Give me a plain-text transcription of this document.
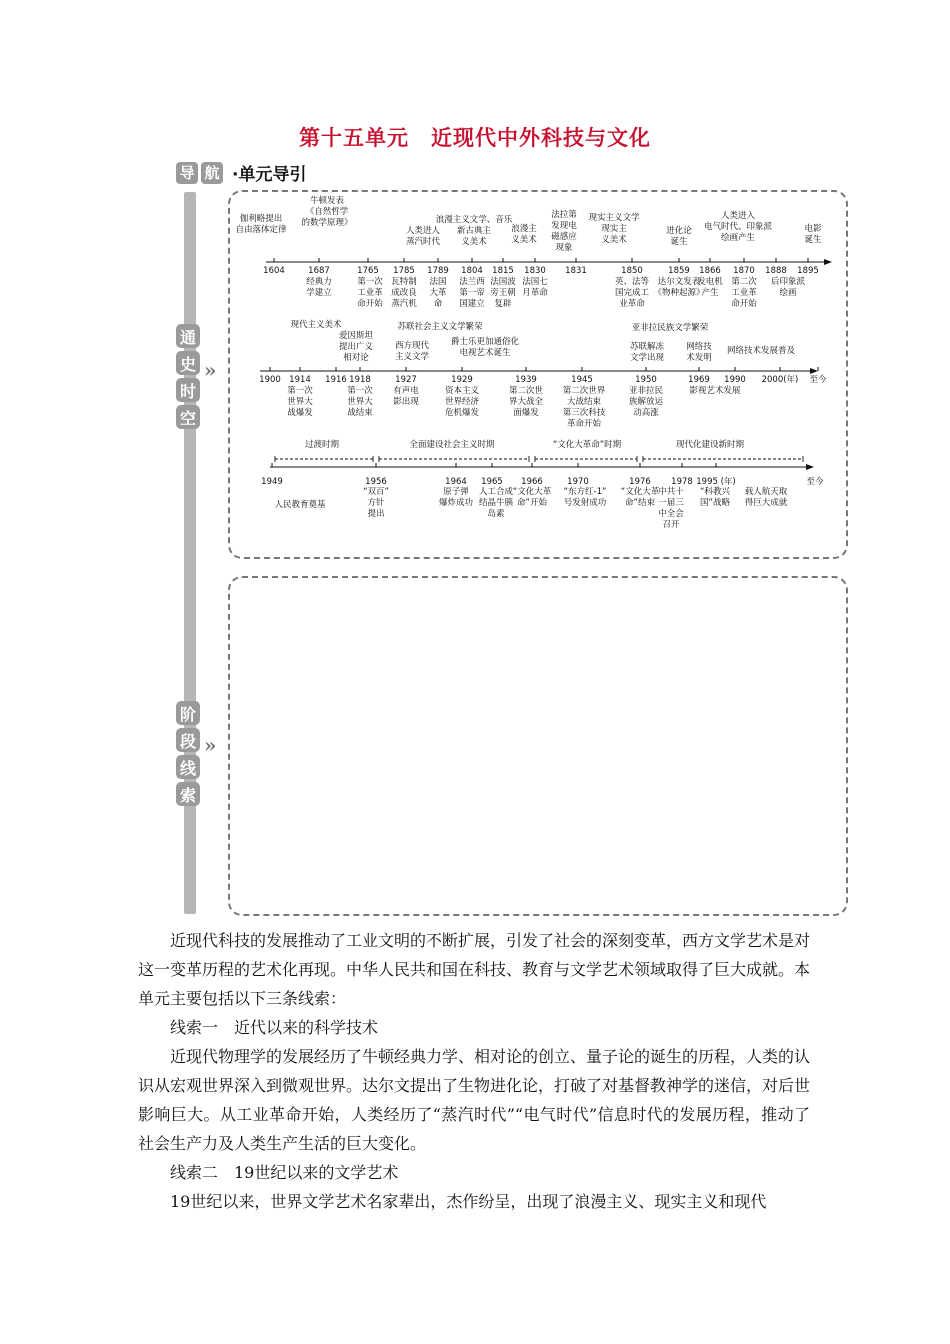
第十五单元　近现代中外科技与文化
导 航 ·单元导引
通
史
时
空
»
阶
段
线
索
»
1604	1687	1765 1785 1789 1804 1815 1830 1831	1850	1859 1866 1870 1888 1895
伽利略提出自由落体定律
牛顿发表《自然哲学的数学原理》
人类进人蒸汽时代
浪漫主义文学、音乐新古典主义美术
浪漫主义美术
法拉第发现电磁感应现象
现实主义文学现实主义美术
进化论诞生
人类进入电气时代、印象派绘画产生
电影诞生
经典力学建立
第一次工业革命开始
瓦特制成改良蒸汽机
法国大革命
法兰西第一帝国建立
法国波旁王朝复辟
法国七月革命
英、法等国完成工业革命
达尔文发表《物种起源》
发电机产生
第二次工业革命开始
后印象派绘画
1900 1914 1916 1918	1927	1929	1939	1945	1950	1969 1990 2000(年) 至今
现代主义美术
爱因斯坦提出广义相对论
苏联社会主义文学繁荣
西方现代主义文学
爵士乐更加通俗化电视艺术诞生
亚非拉民族文学繁荣
苏联解冻文学出现
网络技术发明
网络技术发展普及
第一次世界大战爆发
第一次世界大战结束
有声电影出现
资本主义世界经济危机爆发
第二次世界大战全面爆发
第二次世界大战结束第三次科技革命开始
亚非拉民族解放运动高涨
影视艺术发展
1949	1956	1964 1965 1966	1970	1976 1978 1995 (年)	至今
过渡时期	全面建设社会主义时期	“文化大革命”时期	现代化建设新时期
人民教育奠基
“双百”方针提出
原子弹爆炸成功
人工合成结晶牛胰岛素
“文化大革命”开始
“东方红-1”号发射成功
“文化大革命”结束
中共十一届三中全会召开
“科教兴国”战略
载人航天取得巨大成就

近现代科技的发展推动了工业文明的不断扩展，引发了社会的深刻变革，西方文学艺术是对这一变革历程的艺术化再现。中华人民共和国在科技、教育与文学艺术领域取得了巨大成就。本单元主要包括以下三条线索：

线索一　近代以来的科学技术

近现代物理学的发展经历了牛顿经典力学、相对论的创立、量子论的诞生的历程，人类的认识从宏观世界深入到微观世界。达尔文提出了生物进化论，打破了对基督教神学的迷信，对后世影响巨大。从工业革命开始，人类经历了“蒸汽时代”“电气时代”信息时代的发展历程，推动了社会生产力及人类生产生活的巨大变化。

线索二　19世纪以来的文学艺术

19世纪以来，世界文学艺术名家辈出，杰作纷呈，出现了浪漫主义、现实主义和现代
